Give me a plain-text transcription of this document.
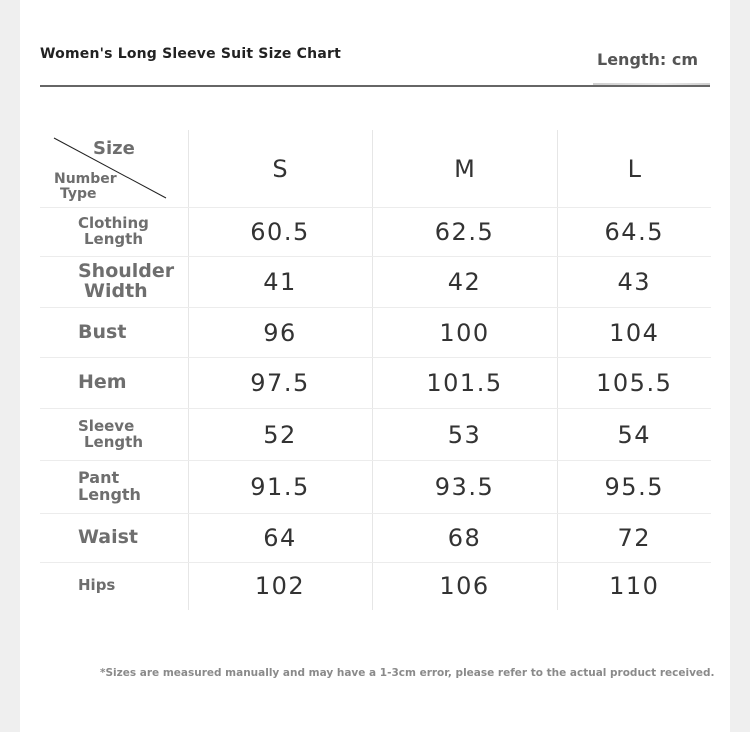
Women's Long Sleeve Suit Size Chart	Length: cm
Size
Number
Type	S	M	L

Clothing
Length	60.5	62.5	64.5

Shoulder
Width	41	42	43

Bust	96	100	104

Hem	97.5	101.5	105.5

Sleeve
Length	52	53	54

Pant Length	91.5	93.5	95.5

Waist	64	68	72

Hips	102	106	110
*Sizes are measured manually and may have a 1-3cm error, please refer to the actual product received.
